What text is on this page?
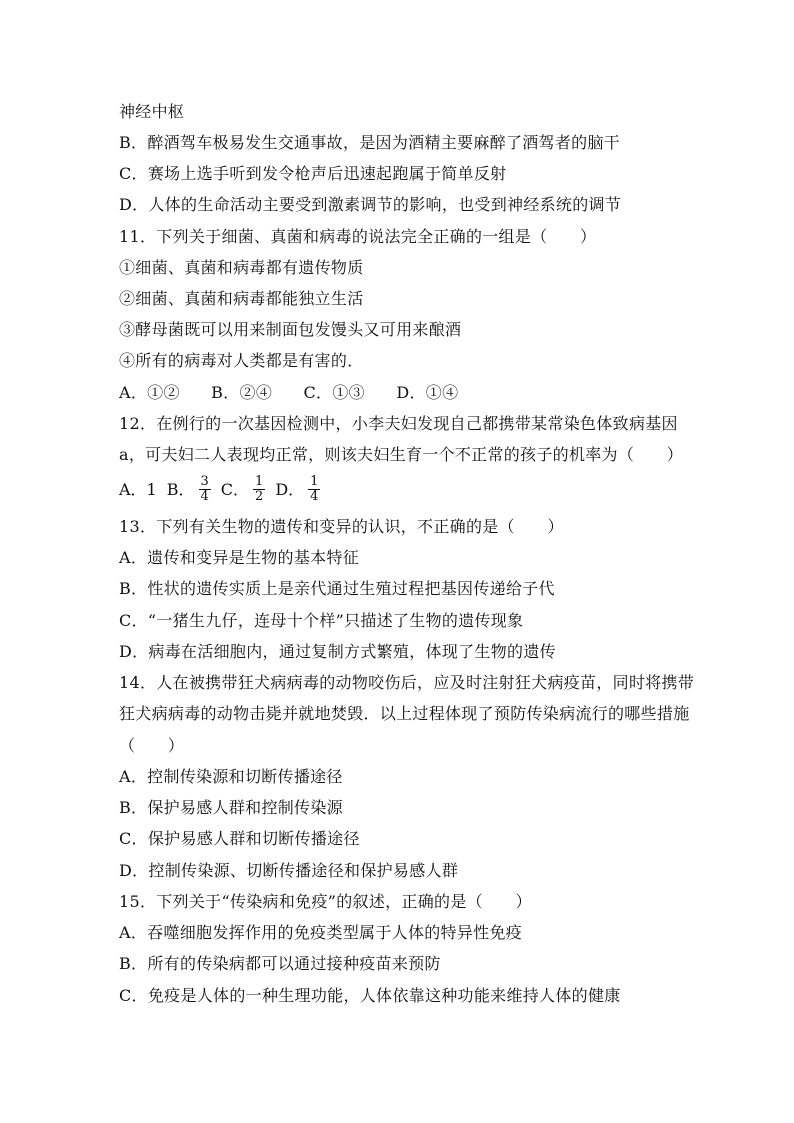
神经中枢
B．醉酒驾车极易发生交通事故，是因为酒精主要麻醉了酒驾者的脑干
C．赛场上选手听到发令枪声后迅速起跑属于简单反射
D．人体的生命活动主要受到激素调节的影响，也受到神经系统的调节
11．下列关于细菌、真菌和病毒的说法完全正确的一组是（　　）
①细菌、真菌和病毒都有遗传物质
②细菌、真菌和病毒都能独立生活
③酵母菌既可以用来制面包发馒头又可用来酿酒
④所有的病毒对人类都是有害的．
A．①② B．②④ C．①③ D．①④
12．在例行的一次基因检测中，小李夫妇发现自己都携带某常染色体致病基因
a，可夫妇二人表现均正常，则该夫妇生育一个不正常的孩子的机率为（　　）
A．1 B． $\frac{3}{4}$ C． $\frac{1}{2}$ D． $\frac{1}{4}$
13．下列有关生物的遗传和变异的认识，不正确的是（　　）
A．遗传和变异是生物的基本特征
B．性状的遗传实质上是亲代通过生殖过程把基因传递给子代
C．“一猪生九仔，连母十个样”只描述了生物的遗传现象
D．病毒在活细胞内，通过复制方式繁殖，体现了生物的遗传
14．人在被携带狂犬病病毒的动物咬伤后，应及时注射狂犬病疫苗，同时将携带
狂犬病病毒的动物击毙并就地焚毁．以上过程体现了预防传染病流行的哪些措施
（　　）
A．控制传染源和切断传播途径
B．保护易感人群和控制传染源
C．保护易感人群和切断传播途径
D．控制传染源、切断传播途径和保护易感人群
15．下列关于“传染病和免疫”的叙述，正确的是（　　）
A．吞噬细胞发挥作用的免疫类型属于人体的特异性免疫
B．所有的传染病都可以通过接种疫苗来预防
C．免疫是人体的一种生理功能，人体依靠这种功能来维持人体的健康
